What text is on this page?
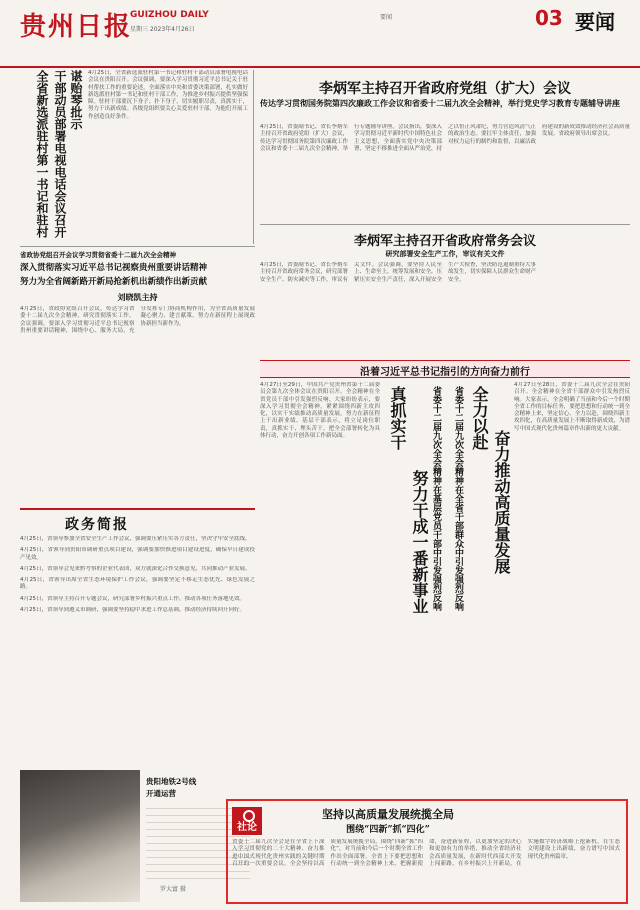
贵州日报
GUIZHOU DAILY
星期三 2023年4月26日
要闻	03 要闻
谌贻琴批示
干部动员部署电视电话会议召开
全省新选派驻村第一书记和驻村	4月25日，全省新选派驻村第一书记和驻村干部动员部署电视电话会议在贵阳召开。会议强调，要深入学习贯彻习近平总书记关于驻村帮扶工作的重要论述，全面落实中央和省委决策部署，扎实做好新选派驻村第一书记和驻村干部工作，为推进乡村振兴提供坚强保障。驻村干部要沉下身子、扑下身子，切实履职尽责，真抓实干，努力干出新成绩。各级党组织要关心关爱驻村干部，为他们开展工作创造良好条件。
李炳军主持召开省政府党组（扩大）会议
传达学习贯彻国务院第四次廉政工作会议和省委十二届九次全会精神，举行党史学习教育专题辅导讲座
4月25日，省委副书记、省长李炳军主持召开省政府党组（扩大）会议，传达学习贯彻国务院第四次廉政工作会议和省委十二届九次全会精神，举行专题辅导讲座。会议指出，要深入学习贯彻习近平新时代中国特色社会主义思想，全面落实党中央决策部署，坚定不移推进全面从严治党，持之以恒正风肃纪，努力营造风清气正的政治生态。要扛牢主体责任，加强对权力运行的制约和监督，以廉洁政府建设的新成效推动经济社会高质量发展。省政府领导出席会议。
李炳军主持召开省政府常务会议
研究部署安全生产工作，审议有关文件
4月25日，省委副书记、省长李炳军主持召开省政府常务会议，研究部署安全生产、防灾减灾等工作，审议有关文件。会议强调，要坚持人民至上、生命至上，统筹发展和安全，压紧压实安全生产责任，深入开展安全生产大检查，坚决防范遏制重特大事故发生，切实保障人民群众生命财产安全。
省政协党组召开会议学习贯彻省委十二届九次全会精神
深入贯彻落实习近平总书记视察贵州重要讲话精神
努力为全省阔新路开新局抢新机出新绩作出新贡献
刘晓凯主持
4月25日，省政协党组召开会议，传达学习省委十二届九次全会精神，研究贯彻落实工作。会议强调，要深入学习贯彻习近平总书记视察贵州重要讲话精神，围绕中心、服务大局，充分发挥专门协商机构作用，为全省高质量发展凝心聚力、建言献策，努力在新征程上展现政协新担当新作为。
沿着习近平总书记指引的方向奋力前行
4月27日至29日，中国共产党贵州省第十二届委员会第九次全体会议在贵阳召开。全会精神在全省党员干部中引发强烈反响。大家纷纷表示，要深入学习贯彻全会精神，紧紧围绕四新主攻四化，以实干实绩推动高质量发展，努力在新征程上干出新业绩。基层干部表示，将立足岗位职责，真抓实干、埋头苦干，把全会部署转化为具体行动，奋力开创各项工作新局面。	真抓实干
努力干成一番新事业 省委十二届九次全会精神在基层党员干部中引发强烈反响 省委十二届九次全会精神在全省干部群众中引发强烈反响 全力以赴
奋力推动高质量发展
4月27日至28日，省委十二届九次全会在贵阳召开。全会精神在全省干部群众中引发热烈反响。大家表示，全会明确了当前和今后一个时期全省工作的目标任务，要把思想和行动统一到全会精神上来，坚定信心、全力以赴，围绕四新主攻四化，在高质量发展上不断取得新成效，为谱写中国式现代化贵州篇章作出新的更大贡献。
政务简报
4月25日，省领导参加全省安全生产工作会议，强调要压紧压实各方责任，坚决守牢安全底线。
4月25日，省领导到贵阳市调研重点项目建设，强调要加快推进项目建设进度，确保早日建成投产见效。
4月25日，省领导会见来黔考察的企业代表团，双方就深化合作交换意见，共同推动产业发展。
4月25日，省领导出席全省生态环境保护工作会议，强调要坚定不移走生态优先、绿色发展之路。
4月25日，省领导主持召开专题会议，研究部署乡村振兴重点工作，推动各项任务落地见效。
4月25日，省领导到遵义市调研，强调要坚持稳中求进工作总基调，推动经济持续回升向好。
贵阳地铁2号线
开通运营
罗大富 摄
社论
坚持以高质量发展统揽全局
围绕“四新”抓“四化”
省委十二届九次全会是在全省上下深入学习贯彻党的二十大精神、奋力推进中国式现代化贵州实践的关键时期召开的一次重要会议。全会坚持以高质量发展统揽全局，围绕“四新”抓“四化”，对当前和今后一个时期全省工作作出全面部署。全省上下要把思想和行动统一到全会精神上来，把握新使命，奋进新征程，以更加坚定的决心和更加有力的举措，推动全省经济社会高质量发展，在新时代西部大开发上闯新路，在乡村振兴上开新局，在实施数字经济战略上抢新机，在生态文明建设上出新绩，奋力谱写中国式现代化贵州篇章。
